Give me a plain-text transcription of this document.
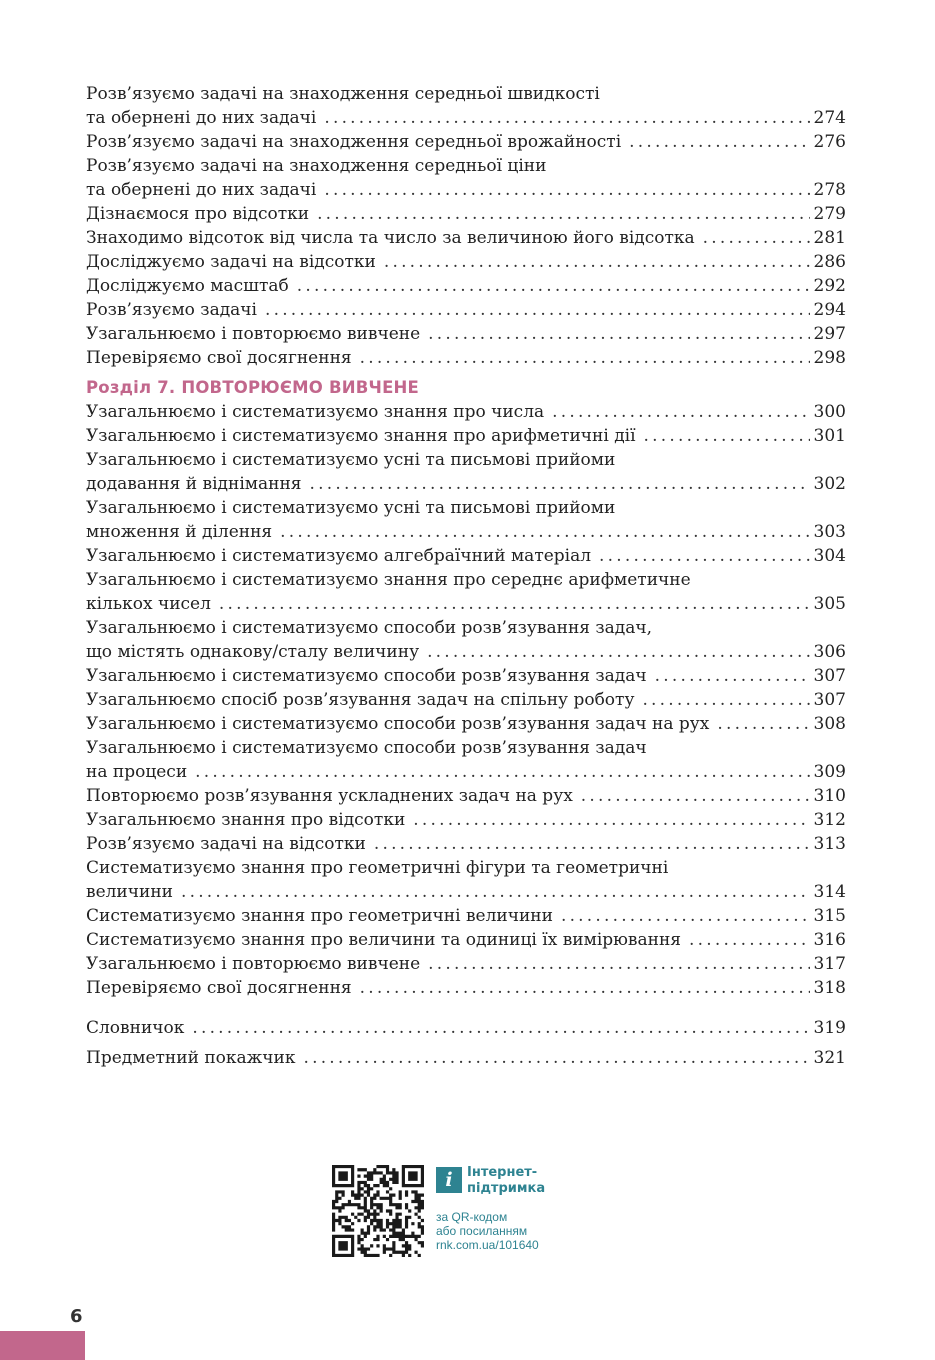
Розв’язуємо задачі на знаходження середньої швидкості
та обернені до них задачі .....	274
Розв’язуємо задачі на знаходження середньої врожайності .....	276
Розв’язуємо задачі на знаходження середньої ціни
та обернені до них задачі .....	278
Дізнаємося про відсотки .....	279
Знаходимо відсоток від числа та число за величиною його відсотка .....	281
Досліджуємо задачі на відсотки .....	286
Досліджуємо масштаб .....	292
Розв’язуємо задачі .....	294
Узагальнюємо і повторюємо вивчене .....	297
Перевіряємо свої досягнення .....	298
Розділ 7. ПОВТОРЮЄМО ВИВЧЕНЕ
Узагальнюємо і систематизуємо знання про числа .....	300
Узагальнюємо і систематизуємо знання про арифметичні дії .....	301
Узагальнюємо і систематизуємо усні та письмові прийоми
додавання й віднімання .....	302
Узагальнюємо і систематизуємо усні та письмові прийоми
множення й ділення .....	303
Узагальнюємо і систематизуємо алгебраїчний матеріал .....	304
Узагальнюємо і систематизуємо знання про середнє арифметичне
кількох чисел .....	305
Узагальнюємо і систематизуємо способи розв’язування задач,
що містять однакову/сталу величину .....	306
Узагальнюємо і систематизуємо способи розв’язування задач .....	307
Узагальнюємо спосіб розв’язування задач на спільну роботу .....	307
Узагальнюємо і систематизуємо способи розв’язування задач на рух .....	308
Узагальнюємо і систематизуємо способи розв’язування задач
на процеси .....	309
Повторюємо розв’язування ускладнених задач на рух .....	310
Узагальнюємо знання про відсотки .....	312
Розв’язуємо задачі на відсотки .....	313
Систематизуємо знання про геометричні фігури та геометричні
величини .....	314
Систематизуємо знання про геометричні величини .....	315
Систематизуємо знання про величини та одиниці їх вимірювання .....	316
Узагальнюємо і повторюємо вивчене .....	317
Перевіряємо свої досягнення .....	318
Словничок .....	319
Предметний покажчик .....	321
i	Інтернет-
підтримка
за QR-кодом
або посиланням
rnk.com.ua/101640
6
